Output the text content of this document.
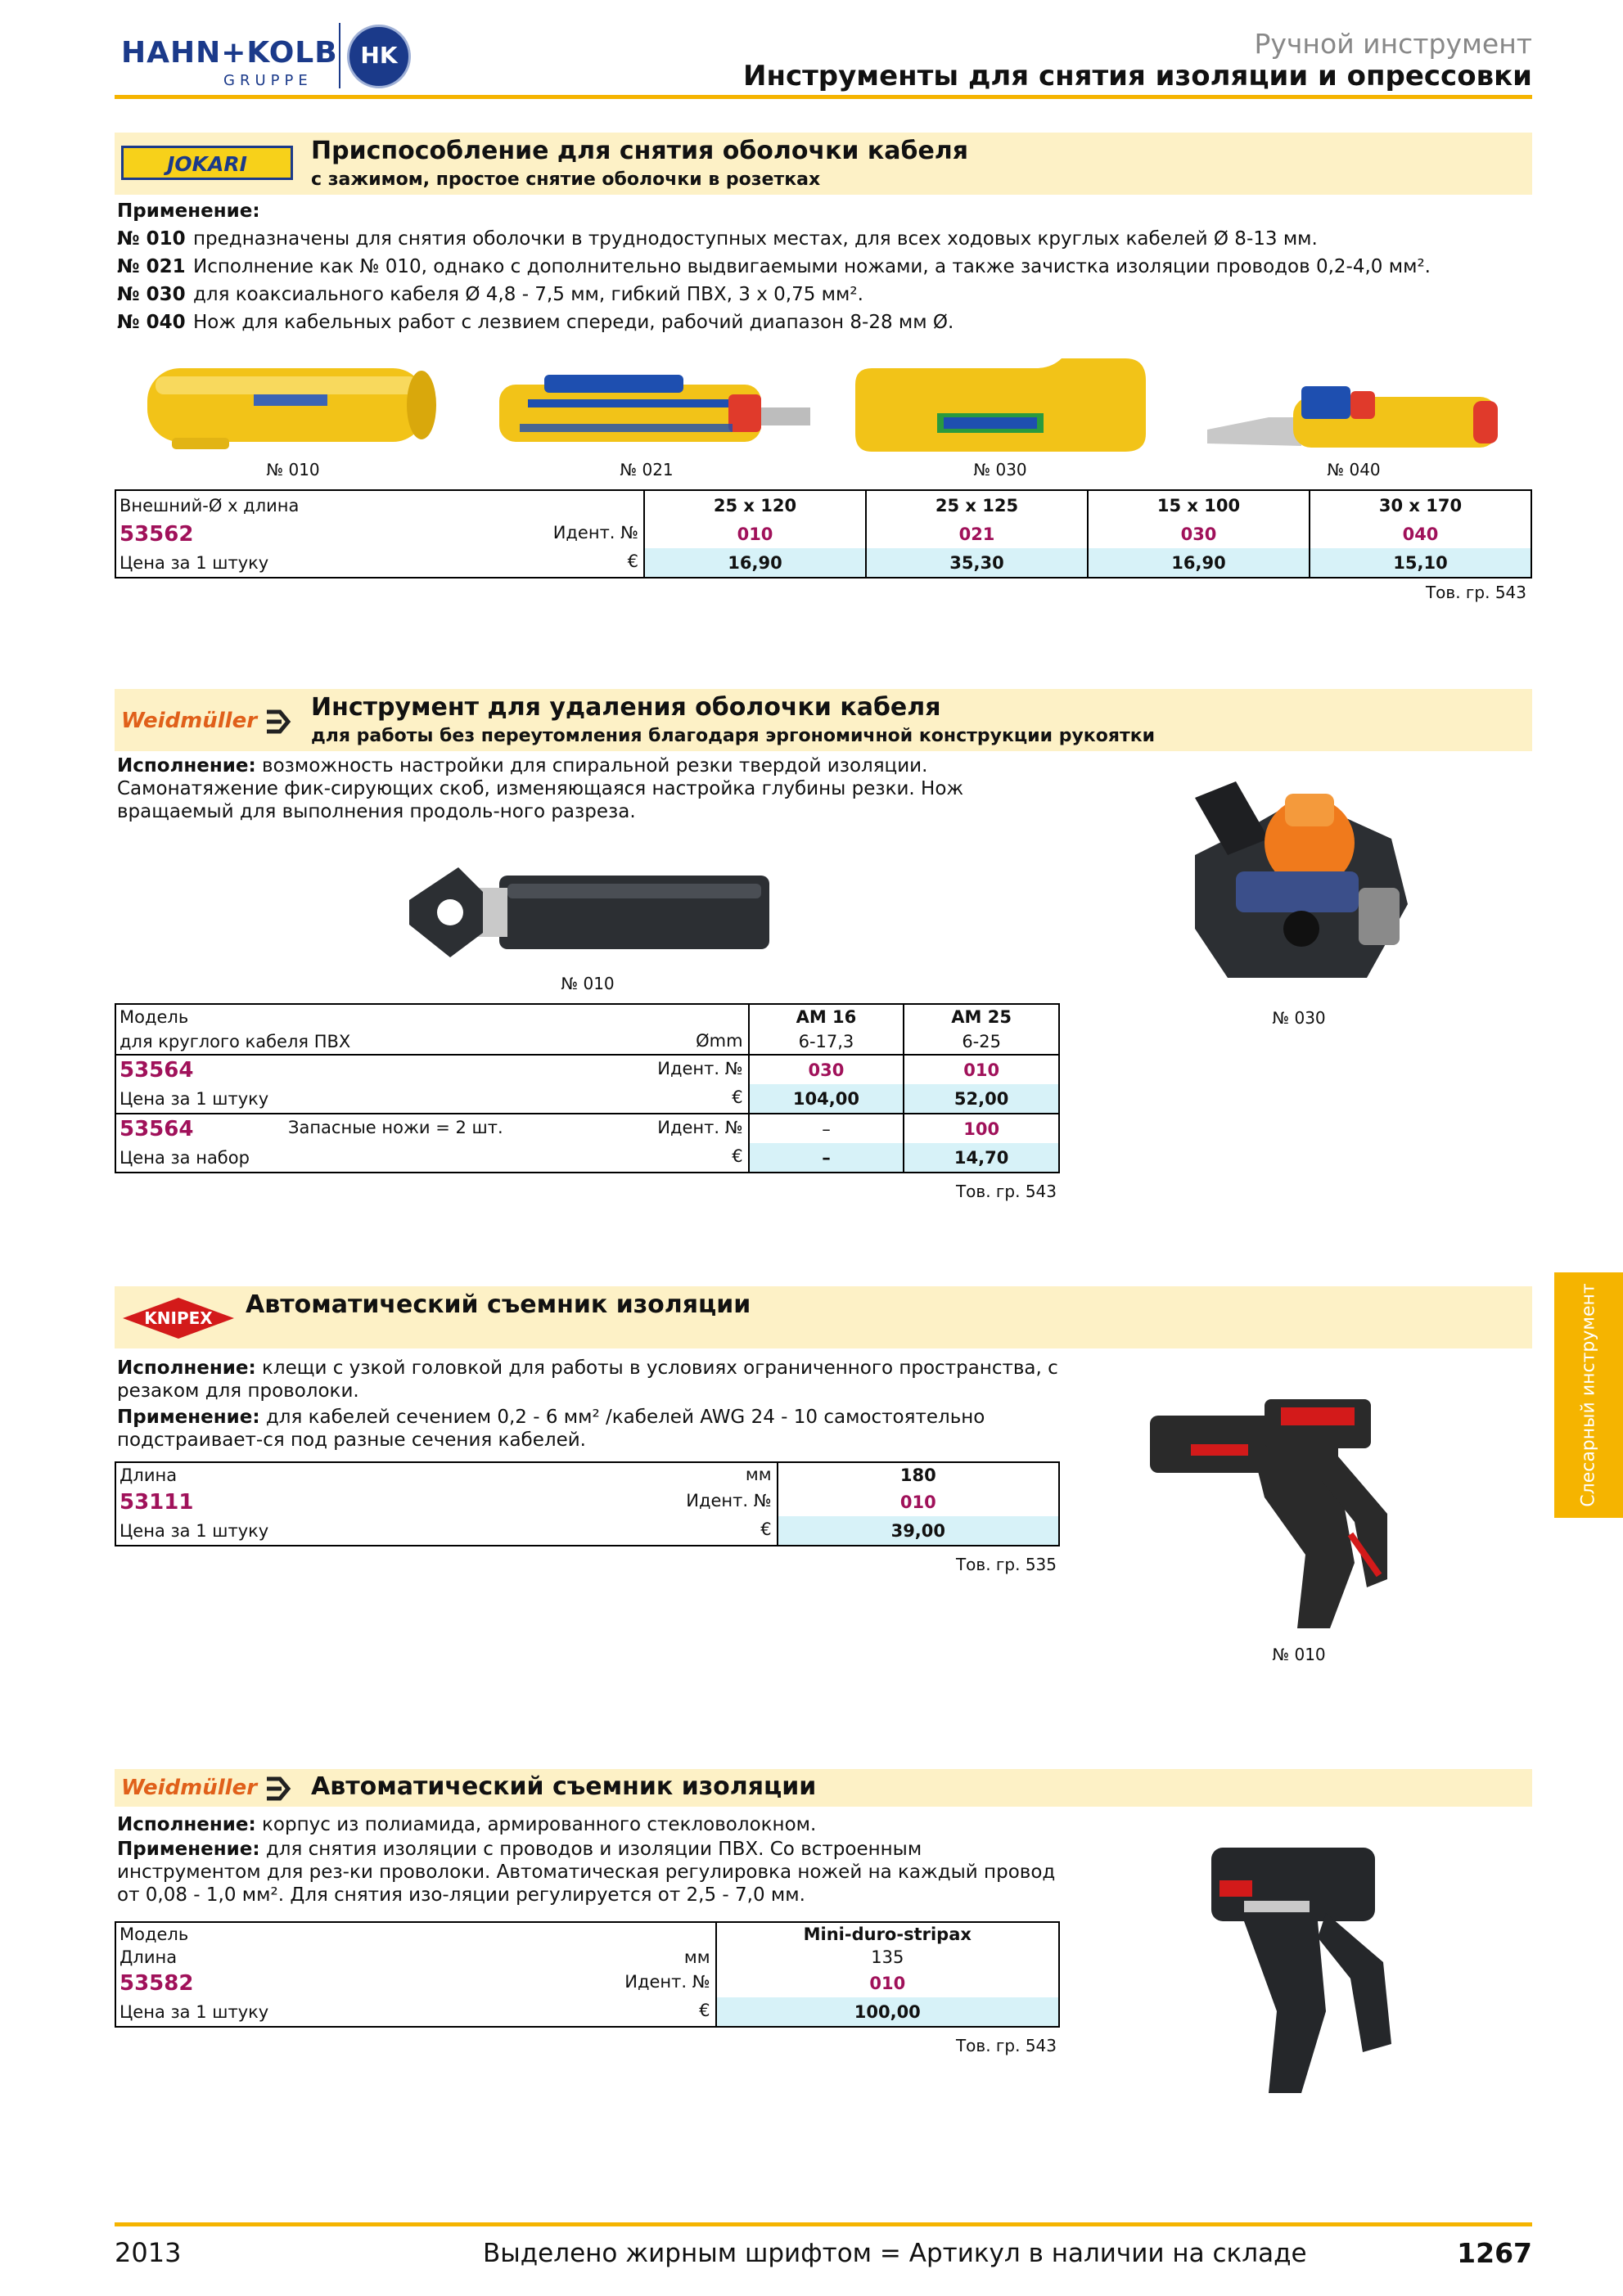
HAHN+KOLB
GRUPPE
HK	Ручной инструмент
Инструменты для снятия изоляции и опрессовки
JOKARI	Приспособление для снятия оболочки кабеля
с зажимом, простое снятие оболочки в розетках
Применение:
№ 010 предназначены для снятия оболочки в труднодоступных местах, для всех ходовых круглых кабелей Ø 8-13 мм.
№ 021 Исполнение как № 010, однако с дополнительно выдвигаемыми ножами, а также зачистка изоляции проводов 0,2-4,0 мм².
№ 030 для коаксиального кабеля Ø 4,8 - 7,5 мм, гибкий ПВХ, 3 x 0,75 мм².
№ 040 Нож для кабельных работ с лезвием спереди, рабочий диапазон 8-28 мм Ø.
№ 010	№ 021	№ 030	№ 040
Внешний-Ø x длина	25 x 120	25 x 125	15 x 100	30 x 170
53562 Идент. №	010	021	030	040
Цена за 1 штуку €	16,90	35,30	16,90	15,10
Тов. гр. 543
Weidmüller Инструмент для удаления оболочки кабеля
для работы без переутомления благодаря эргономичной конструкции рукоятки
Исполнение: возможность настройки для спиральной резки твердой изоляции. Самонатяжение фик-сирующих скоб, изменяющаяся настройка глубины резки. Нож вращаемый для выполнения продоль-ного разреза.
№ 010
№ 030
Модель	AM 16	AM 25
для круглого кабеля ПВХ Ømm	6-17,3	6-25
53564 Идент. №	030	010
Цена за 1 штуку €	104,00	52,00
53564 Запасные ножи = 2 шт. Идент. №	–	100
Цена за набор €	–	14,70
Тов. гр. 543
Слесарный инструмент
KNIPEX	Автоматический съемник изоляции
Исполнение: клещи с узкой головкой для работы в условиях ограниченного пространства, с резаком для проволоки.
Применение: для кабелей сечением 0,2 - 6 мм² /кабелей AWG 24 - 10 самостоятельно подстраивает-ся под разные сечения кабелей.
№ 010
Длина мм	180
53111 Идент. №	010
Цена за 1 штуку €	39,00
Тов. гр. 535
Weidmüller Автоматический съемник изоляции
Исполнение: корпус из полиамида, армированного стекловолокном.
Применение: для снятия изоляции с проводов и изоляции ПВХ. Со встроенным инструментом для рез-ки проволоки. Автоматическая регулировка ножей на каждый провод от 0,08 - 1,0 мм². Для снятия изо-ляции регулируется от 2,5 - 7,0 мм.
Модель	Mini-duro-stripax
Длина мм	135
53582 Идент. №	010
Цена за 1 штуку €	100,00
Тов. гр. 543
2013	Выделено жирным шрифтом = Артикул в наличии на складе	1267
